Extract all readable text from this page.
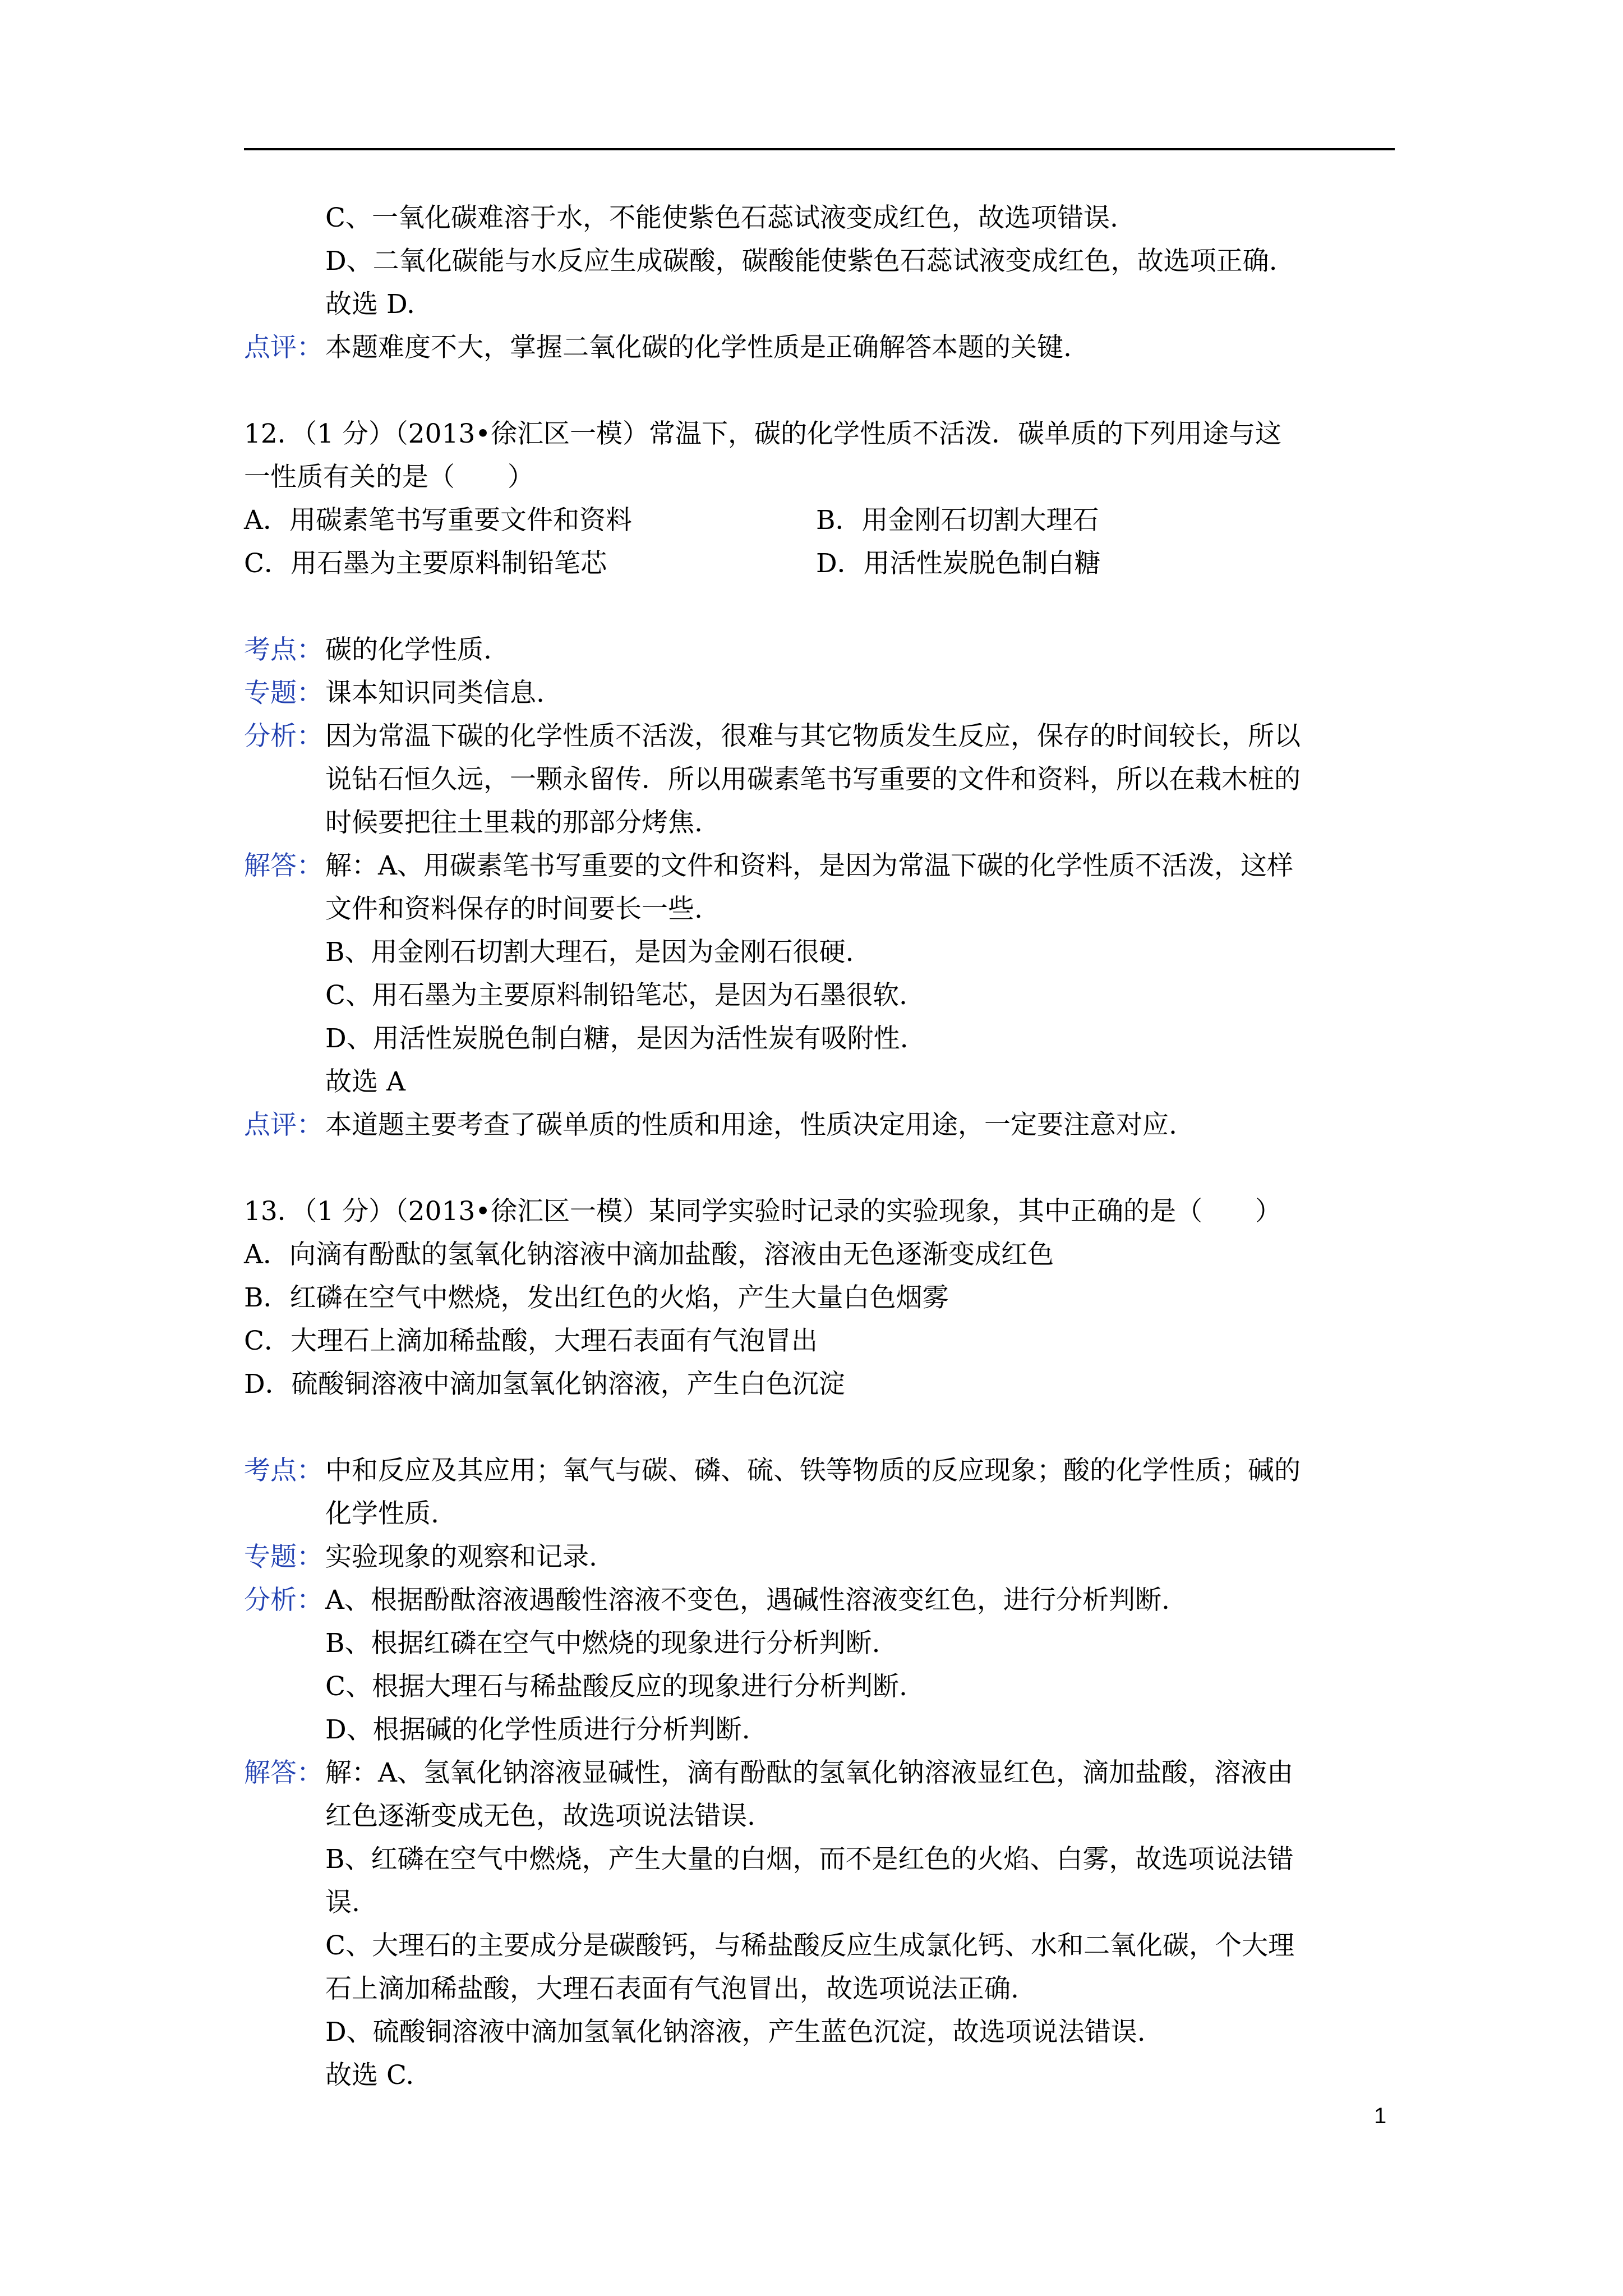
C、一氧化碳难溶于水，不能使紫色石蕊试液变成红色，故选项错误.
D、二氧化碳能与水反应生成碳酸，碳酸能使紫色石蕊试液变成红色，故选项正确.
故选 D.
点评： 本题难度不大，掌握二氧化碳的化学性质是正确解答本题的关键.
12．（1 分）（2013•徐汇区一模）常温下，碳的化学性质不活泼．碳单质的下列用途与这
一性质有关的是（　　）
A．用碳素笔书写重要文件和资料	B．用金刚石切割大理石
C．用石墨为主要原料制铅笔芯	D．用活性炭脱色制白糖
考点： 碳的化学性质.
专题： 课本知识同类信息.
分析： 因为常温下碳的化学性质不活泼，很难与其它物质发生反应，保存的时间较长，所以
说钻石恒久远，一颗永留传．所以用碳素笔书写重要的文件和资料，所以在栽木桩的
时候要把往土里栽的那部分烤焦.
解答： 解：A、用碳素笔书写重要的文件和资料，是因为常温下碳的化学性质不活泼，这样
文件和资料保存的时间要长一些.
B、用金刚石切割大理石，是因为金刚石很硬.
C、用石墨为主要原料制铅笔芯，是因为石墨很软.
D、用活性炭脱色制白糖，是因为活性炭有吸附性.
故选 A
点评： 本道题主要考查了碳单质的性质和用途，性质决定用途，一定要注意对应.
13．（1 分）（2013•徐汇区一模）某同学实验时记录的实验现象，其中正确的是（　　）
A．向滴有酚酞的氢氧化钠溶液中滴加盐酸，溶液由无色逐渐变成红色
B．红磷在空气中燃烧，发出红色的火焰，产生大量白色烟雾
C．大理石上滴加稀盐酸，大理石表面有气泡冒出
D．硫酸铜溶液中滴加氢氧化钠溶液，产生白色沉淀
考点： 中和反应及其应用；氧气与碳、磷、硫、铁等物质的反应现象；酸的化学性质；碱的
化学性质.
专题： 实验现象的观察和记录.
分析： A、根据酚酞溶液遇酸性溶液不变色，遇碱性溶液变红色，进行分析判断.
B、根据红磷在空气中燃烧的现象进行分析判断.
C、根据大理石与稀盐酸反应的现象进行分析判断.
D、根据碱的化学性质进行分析判断.
解答： 解：A、氢氧化钠溶液显碱性，滴有酚酞的氢氧化钠溶液显红色，滴加盐酸，溶液由
红色逐渐变成无色，故选项说法错误.
B、红磷在空气中燃烧，产生大量的白烟，而不是红色的火焰、白雾，故选项说法错
误.
C、大理石的主要成分是碳酸钙，与稀盐酸反应生成氯化钙、水和二氧化碳，个大理
石上滴加稀盐酸，大理石表面有气泡冒出，故选项说法正确.
D、硫酸铜溶液中滴加氢氧化钠溶液，产生蓝色沉淀，故选项说法错误.
故选 C.
1
